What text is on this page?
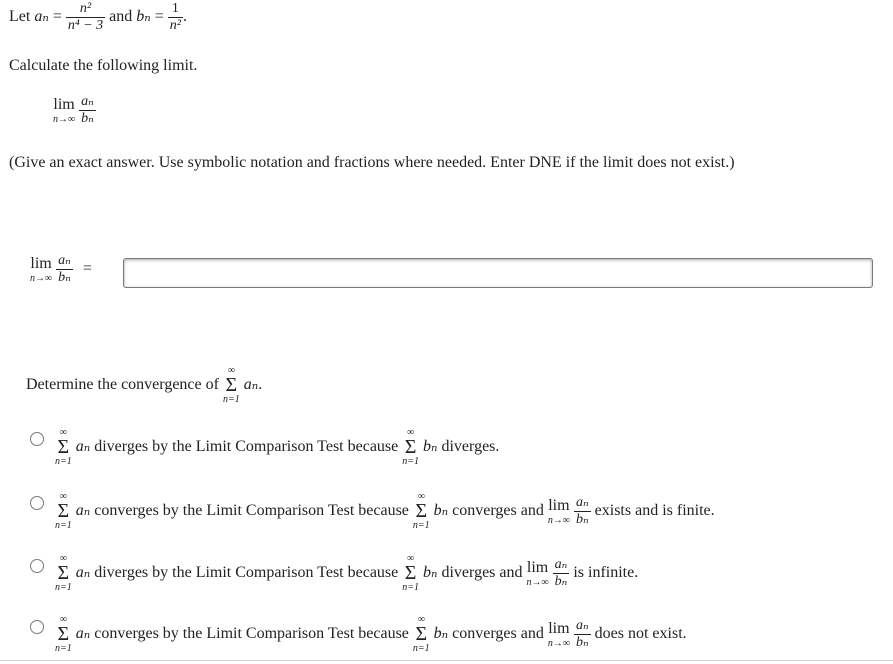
Let $a_n = \frac{\text{n²}}{\text{n⁴ − 3}}$ and $b_n = \frac{1}{\text{n²}}$ .
Calculate the following limit.
lim
n→∞
$\frac{\text{aₙ}}{\text{bₙ}}$
(Give an exact answer. Use symbolic notation and fractions where needed. Enter DNE if the limit does not exist.)
lim
n→∞
$\frac{\text{aₙ}}{\text{bₙ}}$ =
Determine the convergence of
∞
Σ
n=1
aₙ.
∞
Σ
n=1
aₙ diverges by the Limit Comparison Test because
∞
Σ
n=1
bₙ diverges.
∞
Σ
n=1
aₙ converges by the Limit Comparison Test because
∞
Σ
n=1
bₙ converges and lim
n→∞
$\frac{\text{aₙ}}{\text{bₙ}}$ exists and is finite.
∞
Σ
n=1
aₙ diverges by the Limit Comparison Test because
∞
Σ
n=1
bₙ diverges and lim
n→∞
$\frac{\text{aₙ}}{\text{bₙ}}$ is infinite.
∞
Σ
n=1
aₙ converges by the Limit Comparison Test because
∞
Σ
n=1
bₙ converges and lim
n→∞
$\frac{\text{aₙ}}{\text{bₙ}}$ does not exist.
